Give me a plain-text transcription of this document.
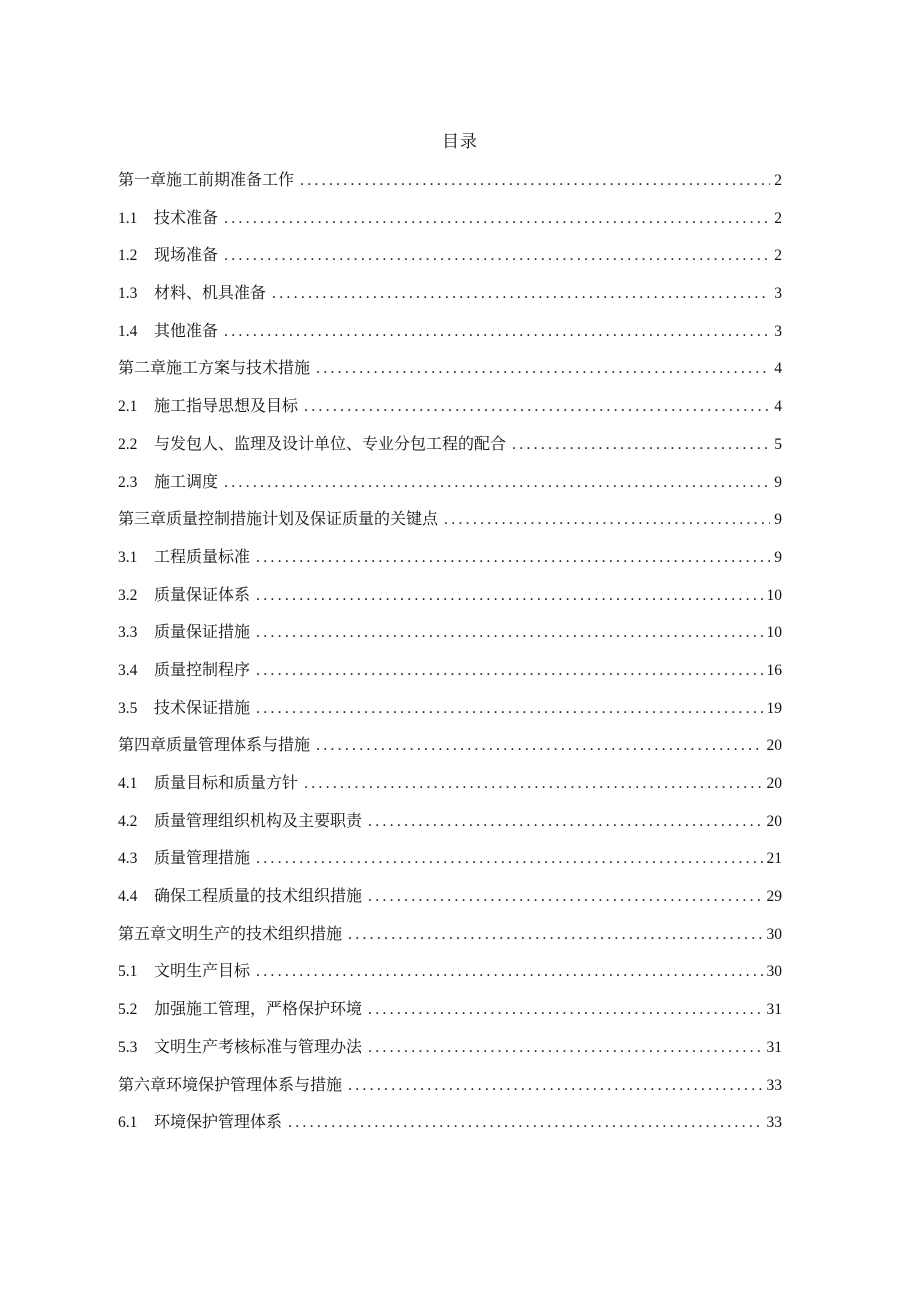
目录
第一章施工前期准备工作 .....	2
1.1	技术准备 .....	2
1.2	现场准备 .....	2
1.3	材料、机具准备 .....	3
1.4	其他准备 .....	3
第二章施工方案与技术措施 .....	4
2.1	施工指导思想及目标 .....	4
2.2	与发包人、监理及设计单位、专业分包工程的配合 .....	5
2.3	施工调度 .....	9
第三章质量控制措施计划及保证质量的关键点 .....	9
3.1	工程质量标准 .....	9
3.2	质量保证体系 .....	10
3.3	质量保证措施 .....	10
3.4	质量控制程序 .....	16
3.5	技术保证措施 .....	19
第四章质量管理体系与措施 .....	20
4.1	质量目标和质量方针 .....	20
4.2	质量管理组织机构及主要职责 .....	20
4.3	质量管理措施 .....	21
4.4	确保工程质量的技术组织措施 .....	29
第五章文明生产的技术组织措施 .....	30
5.1	文明生产目标 .....	30
5.2	加强施工管理，严格保护环境 .....	31
5.3	文明生产考核标准与管理办法 .....	31
第六章环境保护管理体系与措施 .....	33
6.1	环境保护管理体系 .....	33
